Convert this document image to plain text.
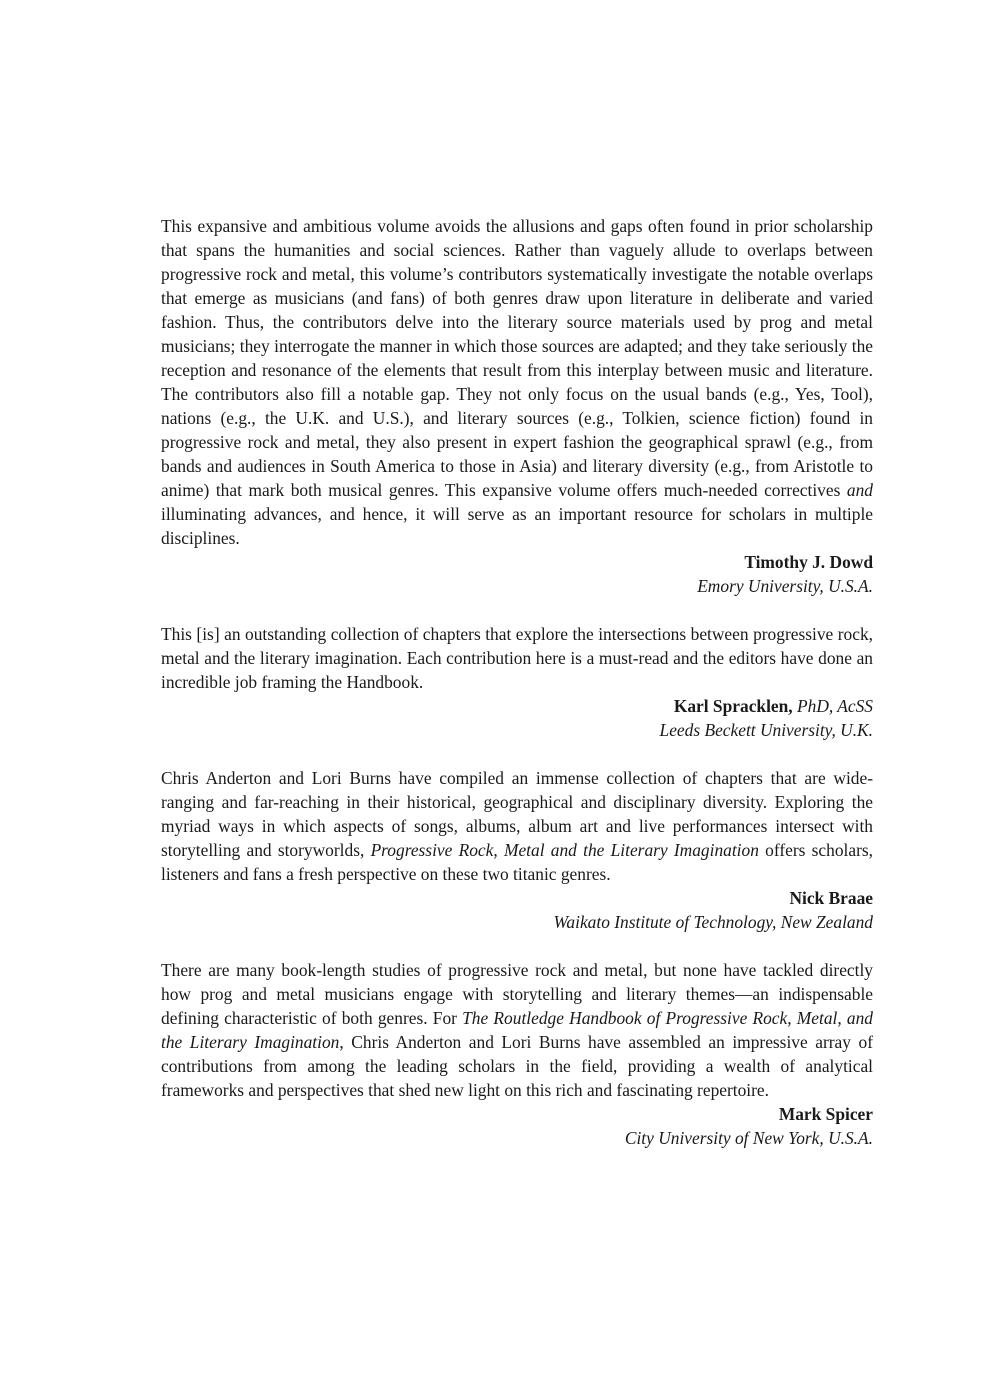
This expansive and ambitious volume avoids the allusions and gaps often found in prior scholarship that spans the humanities and social sciences. Rather than vaguely allude to overlaps between progressive rock and metal, this volume’s contributors systematically investigate the notable overlaps that emerge as musicians (and fans) of both genres draw upon literature in deliberate and varied fashion. Thus, the contributors delve into the literary source materials used by prog and metal musicians; they interrogate the manner in which those sources are adapted; and they take seriously the reception and resonance of the elements that result from this interplay between music and literature. The contributors also fill a notable gap. They not only focus on the usual bands (e.g., Yes, Tool), nations (e.g., the U.K. and U.S.), and literary sources (e.g., Tolkien, science fiction) found in progressive rock and metal, they also present in expert fashion the geographical sprawl (e.g., from bands and audiences in South America to those in Asia) and literary diversity (e.g., from Aristotle to anime) that mark both musical genres. This expansive volume offers much-needed correctives and illuminating advances, and hence, it will serve as an important resource for scholars in multiple disciplines.

Timothy J. Dowd
Emory University, U.S.A.

This [is] an outstanding collection of chapters that explore the intersections between progressive rock, metal and the literary imagination. Each contribution here is a must-read and the editors have done an incredible job framing the Handbook.

Karl Spracklen, PhD, AcSS
Leeds Beckett University, U.K.

Chris Anderton and Lori Burns have compiled an immense collection of chapters that are wide-ranging and far-reaching in their historical, geographical and disciplinary diversity. Exploring the myriad ways in which aspects of songs, albums, album art and live performances intersect with storytelling and storyworlds, Progressive Rock, Metal and the Literary Imagination offers scholars, listeners and fans a fresh perspective on these two titanic genres.

Nick Braae
Waikato Institute of Technology, New Zealand

There are many book-length studies of progressive rock and metal, but none have tackled directly how prog and metal musicians engage with storytelling and literary themes—an indispensable defining characteristic of both genres. For The Routledge Handbook of Progressive Rock, Metal, and the Literary Imagination, Chris Anderton and Lori Burns have assembled an impressive array of contributions from among the leading scholars in the field, providing a wealth of analytical frameworks and perspectives that shed new light on this rich and fascinating repertoire.

Mark Spicer
City University of New York, U.S.A.
